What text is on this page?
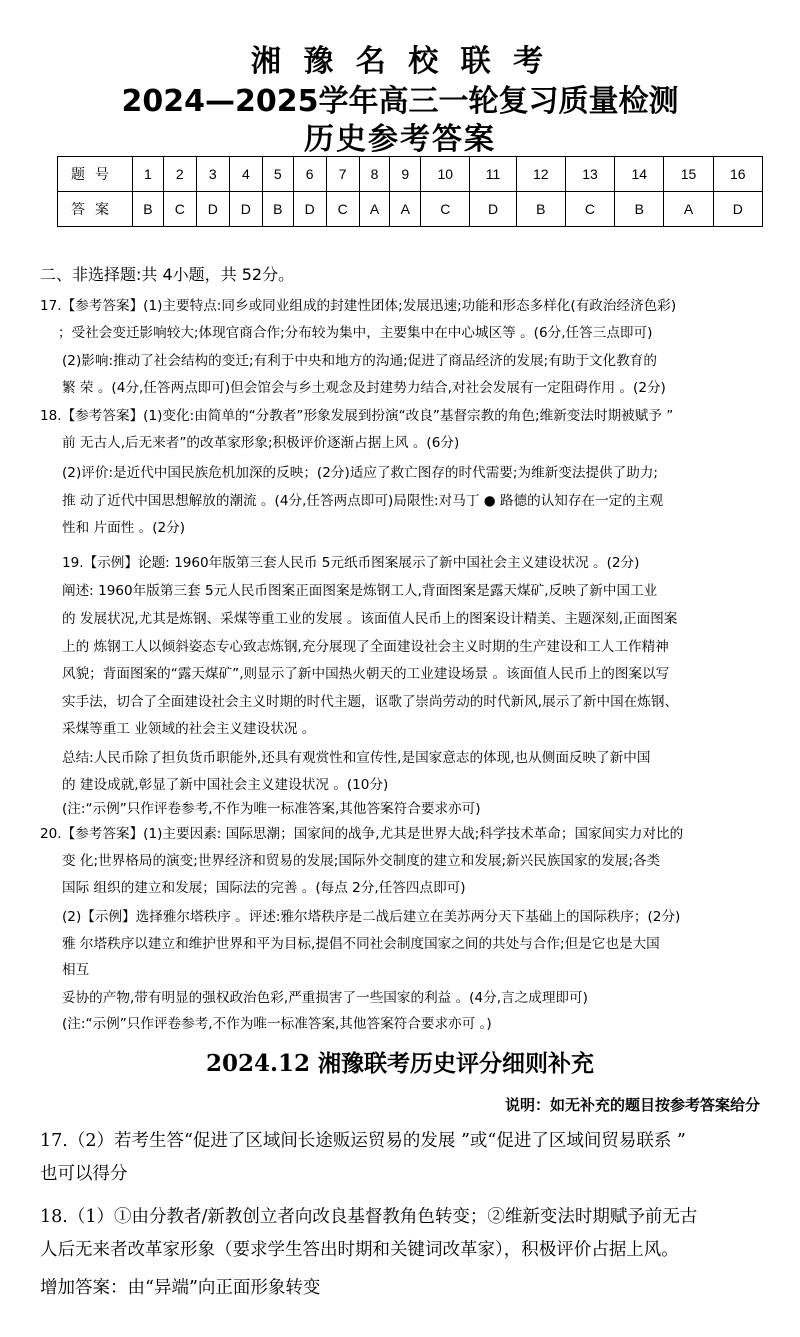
湘 豫 名 校 联 考
2024—2025学年高三一轮复习质量检测
历史参考答案
题号	1	2	3	4	5	6	7	8	9	10	11	12	13	14	15	16
答案	B	C	D	D	B	D	C	A	A	C	D	B	C	B	A	D
二、非选择题:共 4小题，共 52分。
17.【参考答案】(1)主要特点:同乡或同业组成的封建性团体;发展迅速;功能和形态多样化(有政治经济色彩)
；受社会变迁影响较大;体现官商合作;分布较为集中，主要集中在中心城区等 。(6分,任答三点即可)
(2)影响:推动了社会结构的变迁;有利于中央和地方的沟通;促进了商品经济的发展;有助于文化教育的
繁 荣 。(4分,任答两点即可)但会馆会与乡土观念及封建势力结合,对社会发展有一定阻碍作用 。(2分)
18.【参考答案】(1)变化:由简单的“分教者”形象发展到扮演“改良”基督宗教的角色;维新变法时期被赋予 ”
前 无古人,后无来者”的改革家形象;积极评价逐渐占据上风 。(6分)
(2)评价:是近代中国民族危机加深的反映；(2分)适应了救亡图存的时代需要;为维新变法提供了助力;
推 动了近代中国思想解放的潮流 。(4分,任答两点即可)局限性:对马丁 ● 路德的认知存在一定的主观
性和 片面性 。(2分)
19.【示例】论题: 1960年版第三套人民币 5元纸币图案展示了新中国社会主义建设状况 。(2分)
阐述: 1960年版第三套 5元人民币图案正面图案是炼钢工人,背面图案是露天煤矿,反映了新中国工业
的 发展状况,尤其是炼钢、采煤等重工业的发展 。该面值人民币上的图案设计精美、主题深刻,正面图案
上的 炼钢工人以倾斜姿态专心致志炼钢,充分展现了全面建设社会主义时期的生产建设和工人工作精神
风貌；背面图案的“露天煤矿”,则显示了新中国热火朝天的工业建设场景 。该面值人民币上的图案以写
实手法，切合了全面建设社会主义时期的时代主题，讴歌了崇尚劳动的时代新风,展示了新中国在炼钢、
采煤等重工 业领域的社会主义建设状况 。
总结:人民币除了担负货币职能外,还具有观赏性和宣传性,是国家意志的体现,也从侧面反映了新中国
的 建设成就,彰显了新中国社会主义建设状况 。(10分)
(注:“示例”只作评卷参考,不作为唯一标准答案,其他答案符合要求亦可)
20.【参考答案】(1)主要因素: 国际思潮；国家间的战争,尤其是世界大战;科学技术革命；国家间实力对比的
变 化;世界格局的演变;世界经济和贸易的发展;国际外交制度的建立和发展;新兴民族国家的发展;各类
国际 组织的建立和发展；国际法的完善 。(每点 2分,任答四点即可)
(2)【示例】选择雅尔塔秩序 。评述:雅尔塔秩序是二战后建立在美苏两分天下基础上的国际秩序；(2分)
雅 尔塔秩序以建立和维护世界和平为目标,提倡不同社会制度国家之间的共处与合作;但是它也是大国
相互
妥协的产物,带有明显的强权政治色彩,严重损害了一些国家的利益 。(4分,言之成理即可)
(注:“示例”只作评卷参考,不作为唯一标准答案,其他答案符合要求亦可 。)
2024.12 湘豫联考历史评分细则补充
说明：如无补充的题目按参考答案给分
17.（2）若考生答“促进了区域间长途贩运贸易的发展 ”或“促进了区域间贸易联系 ”
也可以得分
18.（1）①由分教者/新教创立者向改良基督教角色转变；②维新变法时期赋予前无古
人后无来者改革家形象（要求学生答出时期和关键词改革家），积极评价占据上风。
增加答案：由“异端”向正面形象转变
